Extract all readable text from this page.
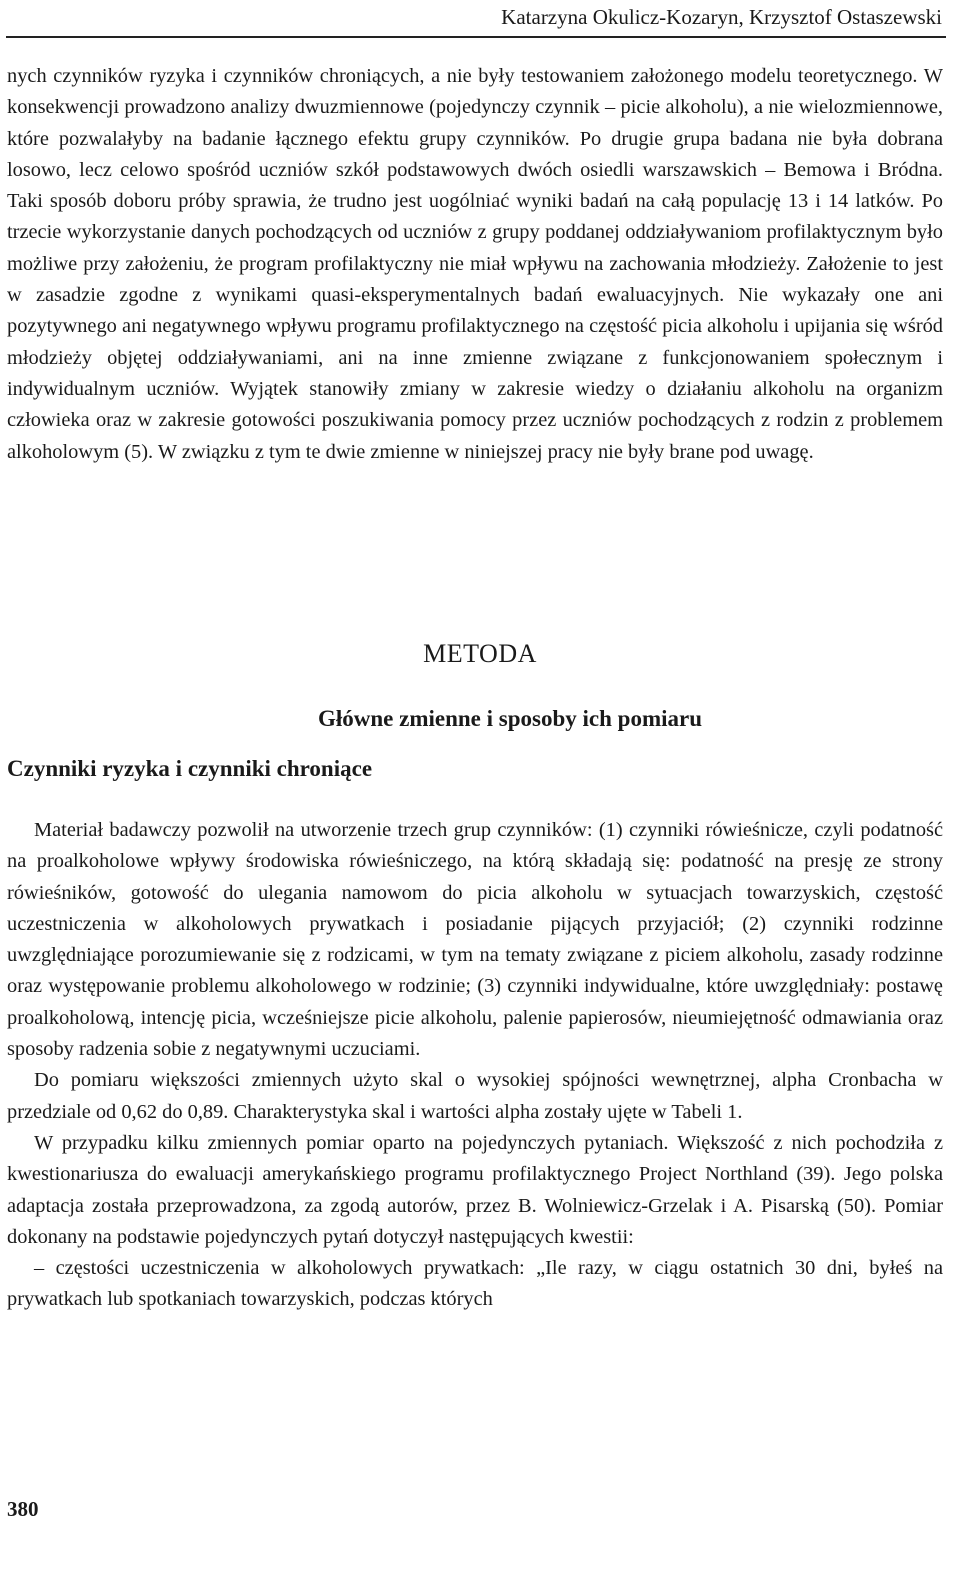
Katarzyna Okulicz-Kozaryn, Krzysztof Ostaszewski

nych czynników ryzyka i czynników chroniących, a nie były testowaniem założonego modelu teoretycznego. W konsekwencji prowadzono analizy dwuzmiennowe (pojedynczy czynnik – picie alkoholu), a nie wielozmiennowe, które pozwalałyby na badanie łącznego efektu grupy czynników. Po drugie grupa badana nie była dobrana losowo, lecz celowo spośród uczniów szkół podstawowych dwóch osiedli warszawskich – Bemowa i Bródna. Taki sposób doboru próby sprawia, że trudno jest uogólniać wyniki badań na całą populację 13 i 14 latków. Po trzecie wykorzystanie danych pochodzących od uczniów z grupy poddanej oddziaływaniom profilaktycznym było możliwe przy założeniu, że program profilaktyczny nie miał wpływu na zachowania młodzieży. Założenie to jest w zasadzie zgodne z wynikami quasi-eksperymentalnych badań ewaluacyjnych. Nie wykazały one ani pozytywnego ani negatywnego wpływu programu profilaktycznego na częstość picia alkoholu i upijania się wśród młodzieży objętej oddziaływaniami, ani na inne zmienne związane z funkcjonowaniem społecznym i indywidualnym uczniów. Wyjątek stanowiły zmiany w zakresie wiedzy o działaniu alkoholu na organizm człowieka oraz w zakresie gotowości poszukiwania pomocy przez uczniów pochodzących z rodzin z problemem alkoholowym (5). W związku z tym te dwie zmienne w niniejszej pracy nie były brane pod uwagę.

METODA
Główne zmienne i sposoby ich pomiaru
Czynniki ryzyka i czynniki chroniące

Materiał badawczy pozwolił na utworzenie trzech grup czynników: (1) czynniki rówieśnicze, czyli podatność na proalkoholowe wpływy środowiska rówieśniczego, na którą składają się: podatność na presję ze strony rówieśników, gotowość do ulegania namowom do picia alkoholu w sytuacjach towarzyskich, częstość uczestniczenia w alkoholowych prywatkach i posiadanie pijących przyjaciół; (2) czynniki rodzinne uwzględniające porozumiewanie się z rodzicami, w tym na tematy związane z piciem alkoholu, zasady rodzinne oraz występowanie problemu alkoholowego w rodzinie; (3) czynniki indywidualne, które uwzględniały: postawę proalkoholową, intencję picia, wcześniejsze picie alkoholu, palenie papierosów, nieumiejętność odmawiania oraz sposoby radzenia sobie z negatywnymi uczuciami.

Do pomiaru większości zmiennych użyto skal o wysokiej spójności wewnętrznej, alpha Cronbacha w przedziale od 0,62 do 0,89. Charakterystyka skal i wartości alpha zostały ujęte w Tabeli 1.

W przypadku kilku zmiennych pomiar oparto na pojedynczych pytaniach. Większość z nich pochodziła z kwestionariusza do ewaluacji amerykańskiego programu profilaktycznego Project Northland (39). Jego polska adaptacja została przeprowadzona, za zgodą autorów, przez B. Wolniewicz-Grzelak i A. Pisarską (50). Pomiar dokonany na podstawie pojedynczych pytań dotyczył następujących kwestii:

– częstości uczestniczenia w alkoholowych prywatkach: „Ile razy, w ciągu ostatnich 30 dni, byłeś na prywatkach lub spotkaniach towarzyskich, podczas których

380
